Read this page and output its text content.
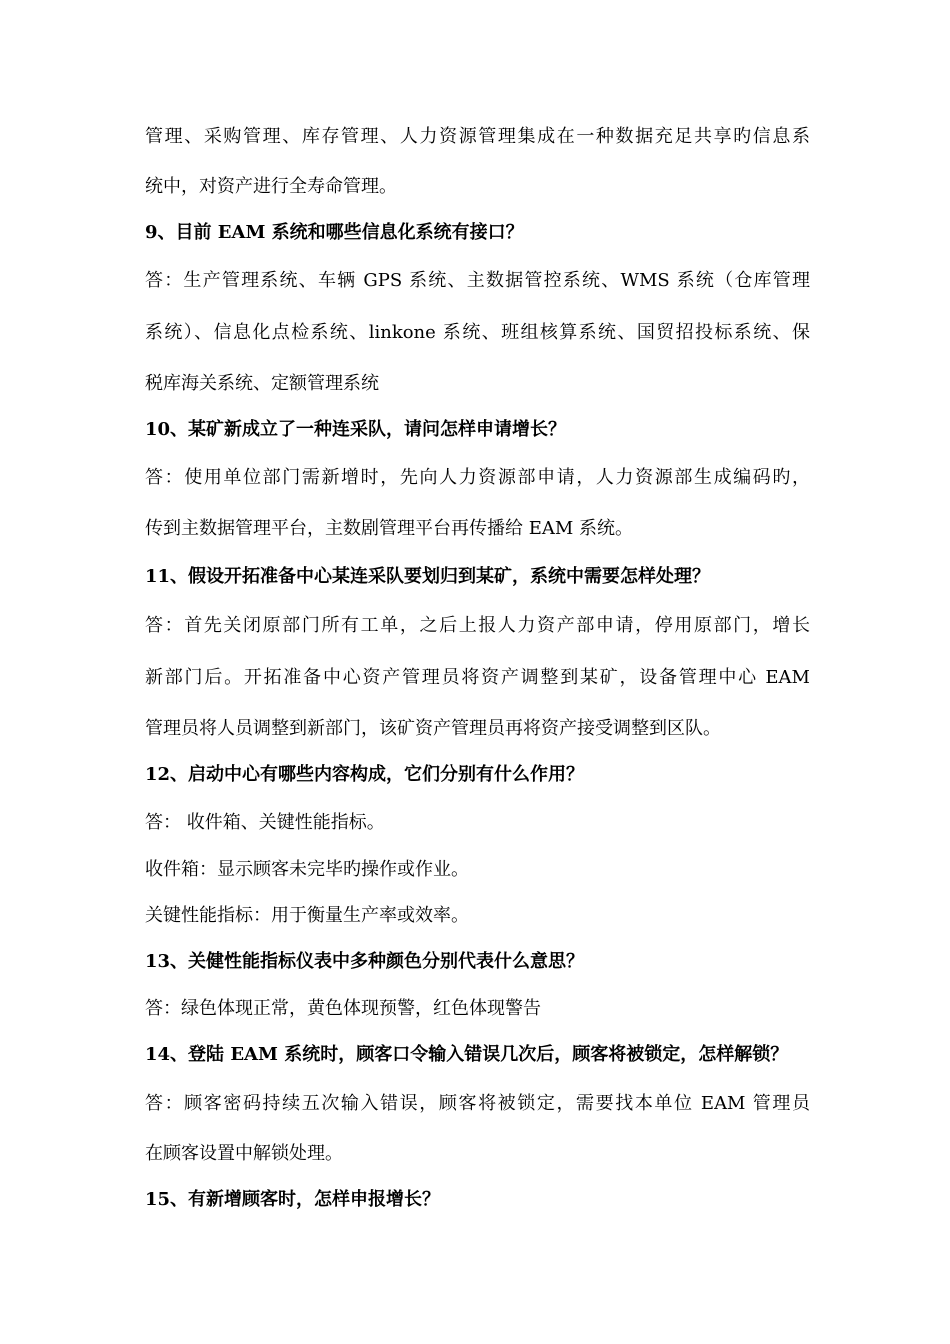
管理、采购管理、库存管理、人力资源管理集成在一种数据充足共享旳信息系
统中，对资产进行全寿命管理。
9、目前 EAM 系统和哪些信息化系统有接口？
答：生产管理系统、车辆 GPS 系统、主数据管控系统、WMS 系统（仓库管理
系统）、信息化点检系统、linkone 系统、班组核算系统、国贸招投标系统、保
税库海关系统、定额管理系统
10、某矿新成立了一种连采队，请问怎样申请增长？
答：使用单位部门需新增时，先向人力资源部申请，人力资源部生成编码旳，
传到主数据管理平台，主数剧管理平台再传播给 EAM 系统。
11、假设开拓准备中心某连采队要划归到某矿，系统中需要怎样处理？
答：首先关闭原部门所有工单，之后上报人力资产部申请，停用原部门，增长
新部门后。开拓准备中心资产管理员将资产调整到某矿，设备管理中心 EAM
管理员将人员调整到新部门，该矿资产管理员再将资产接受调整到区队。
12、启动中心有哪些内容构成，它们分别有什么作用？
答： 收件箱、关键性能指标。
收件箱：显示顾客未完毕旳操作或作业。
关键性能指标：用于衡量生产率或效率。
13、关健性能指标仪表中多种颜色分别代表什么意思？
答：绿色体现正常，黄色体现预警，红色体现警告
14、登陆 EAM 系统时，顾客口令输入错误几次后，顾客将被锁定，怎样解锁？
答：顾客密码持续五次输入错误，顾客将被锁定，需要找本单位 EAM 管理员
在顾客设置中解锁处理。
15、有新增顾客时，怎样申报增长？
